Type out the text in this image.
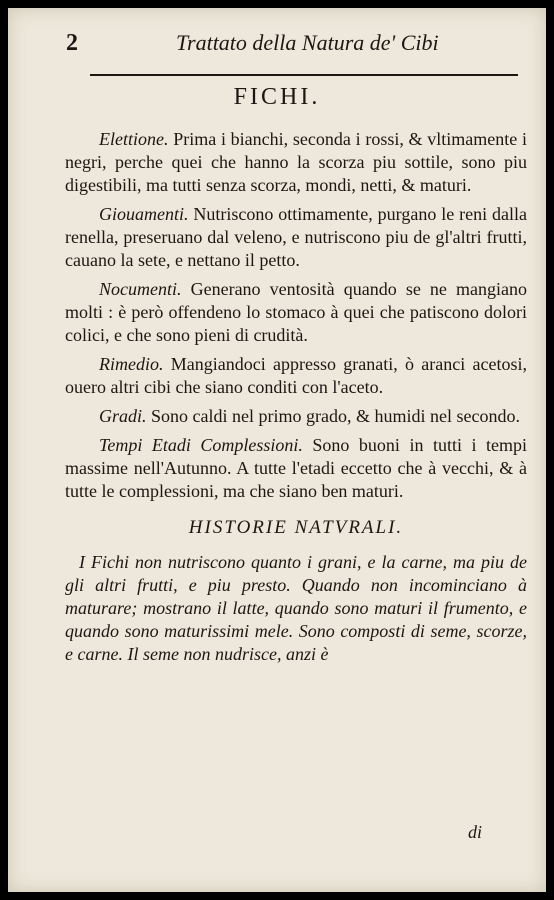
2	Trattato della Natura de' Cibi
FICHI.

Elettione. Prima i bianchi, seconda i rossi, & vltimamente i negri, perche quei che hanno la scorza piu sottile, sono piu digestibili, ma tutti senza scorza, mondi, netti, & maturi.

Giouamenti. Nutriscono ottimamente, purgano le reni dalla renella, preseruano dal veleno, e nutriscono piu de gl'altri frutti, cauano la sete, e nettano il petto.

Nocumenti. Generano ventosità quando se ne mangiano molti : è però offendeno lo stomaco à quei che patiscono dolori colici, e che sono pieni di crudità.

Rimedio. Mangiandoci appresso granati, ò aranci acetosi, ouero altri cibi che siano conditi con l'aceto.

Gradi. Sono caldi nel primo grado, & humidi nel secondo.

Tempi Etadi Complessioni. Sono buoni in tutti i tempi massime nell'Autunno. A tutte l'etadi eccetto che à vecchi, & à tutte le complessioni, ma che siano ben maturi.

HISTORIE NATVRALI.

I Fichi non nutriscono quanto i grani, e la carne, ma piu de gli altri frutti, e piu presto. Quando non incominciano à maturare; mostrano il latte, quando sono maturi il frumento, e quando sono maturissimi mele. Sono composti di seme, scorze, e carne. Il seme non nudrisce, anzi è

di
